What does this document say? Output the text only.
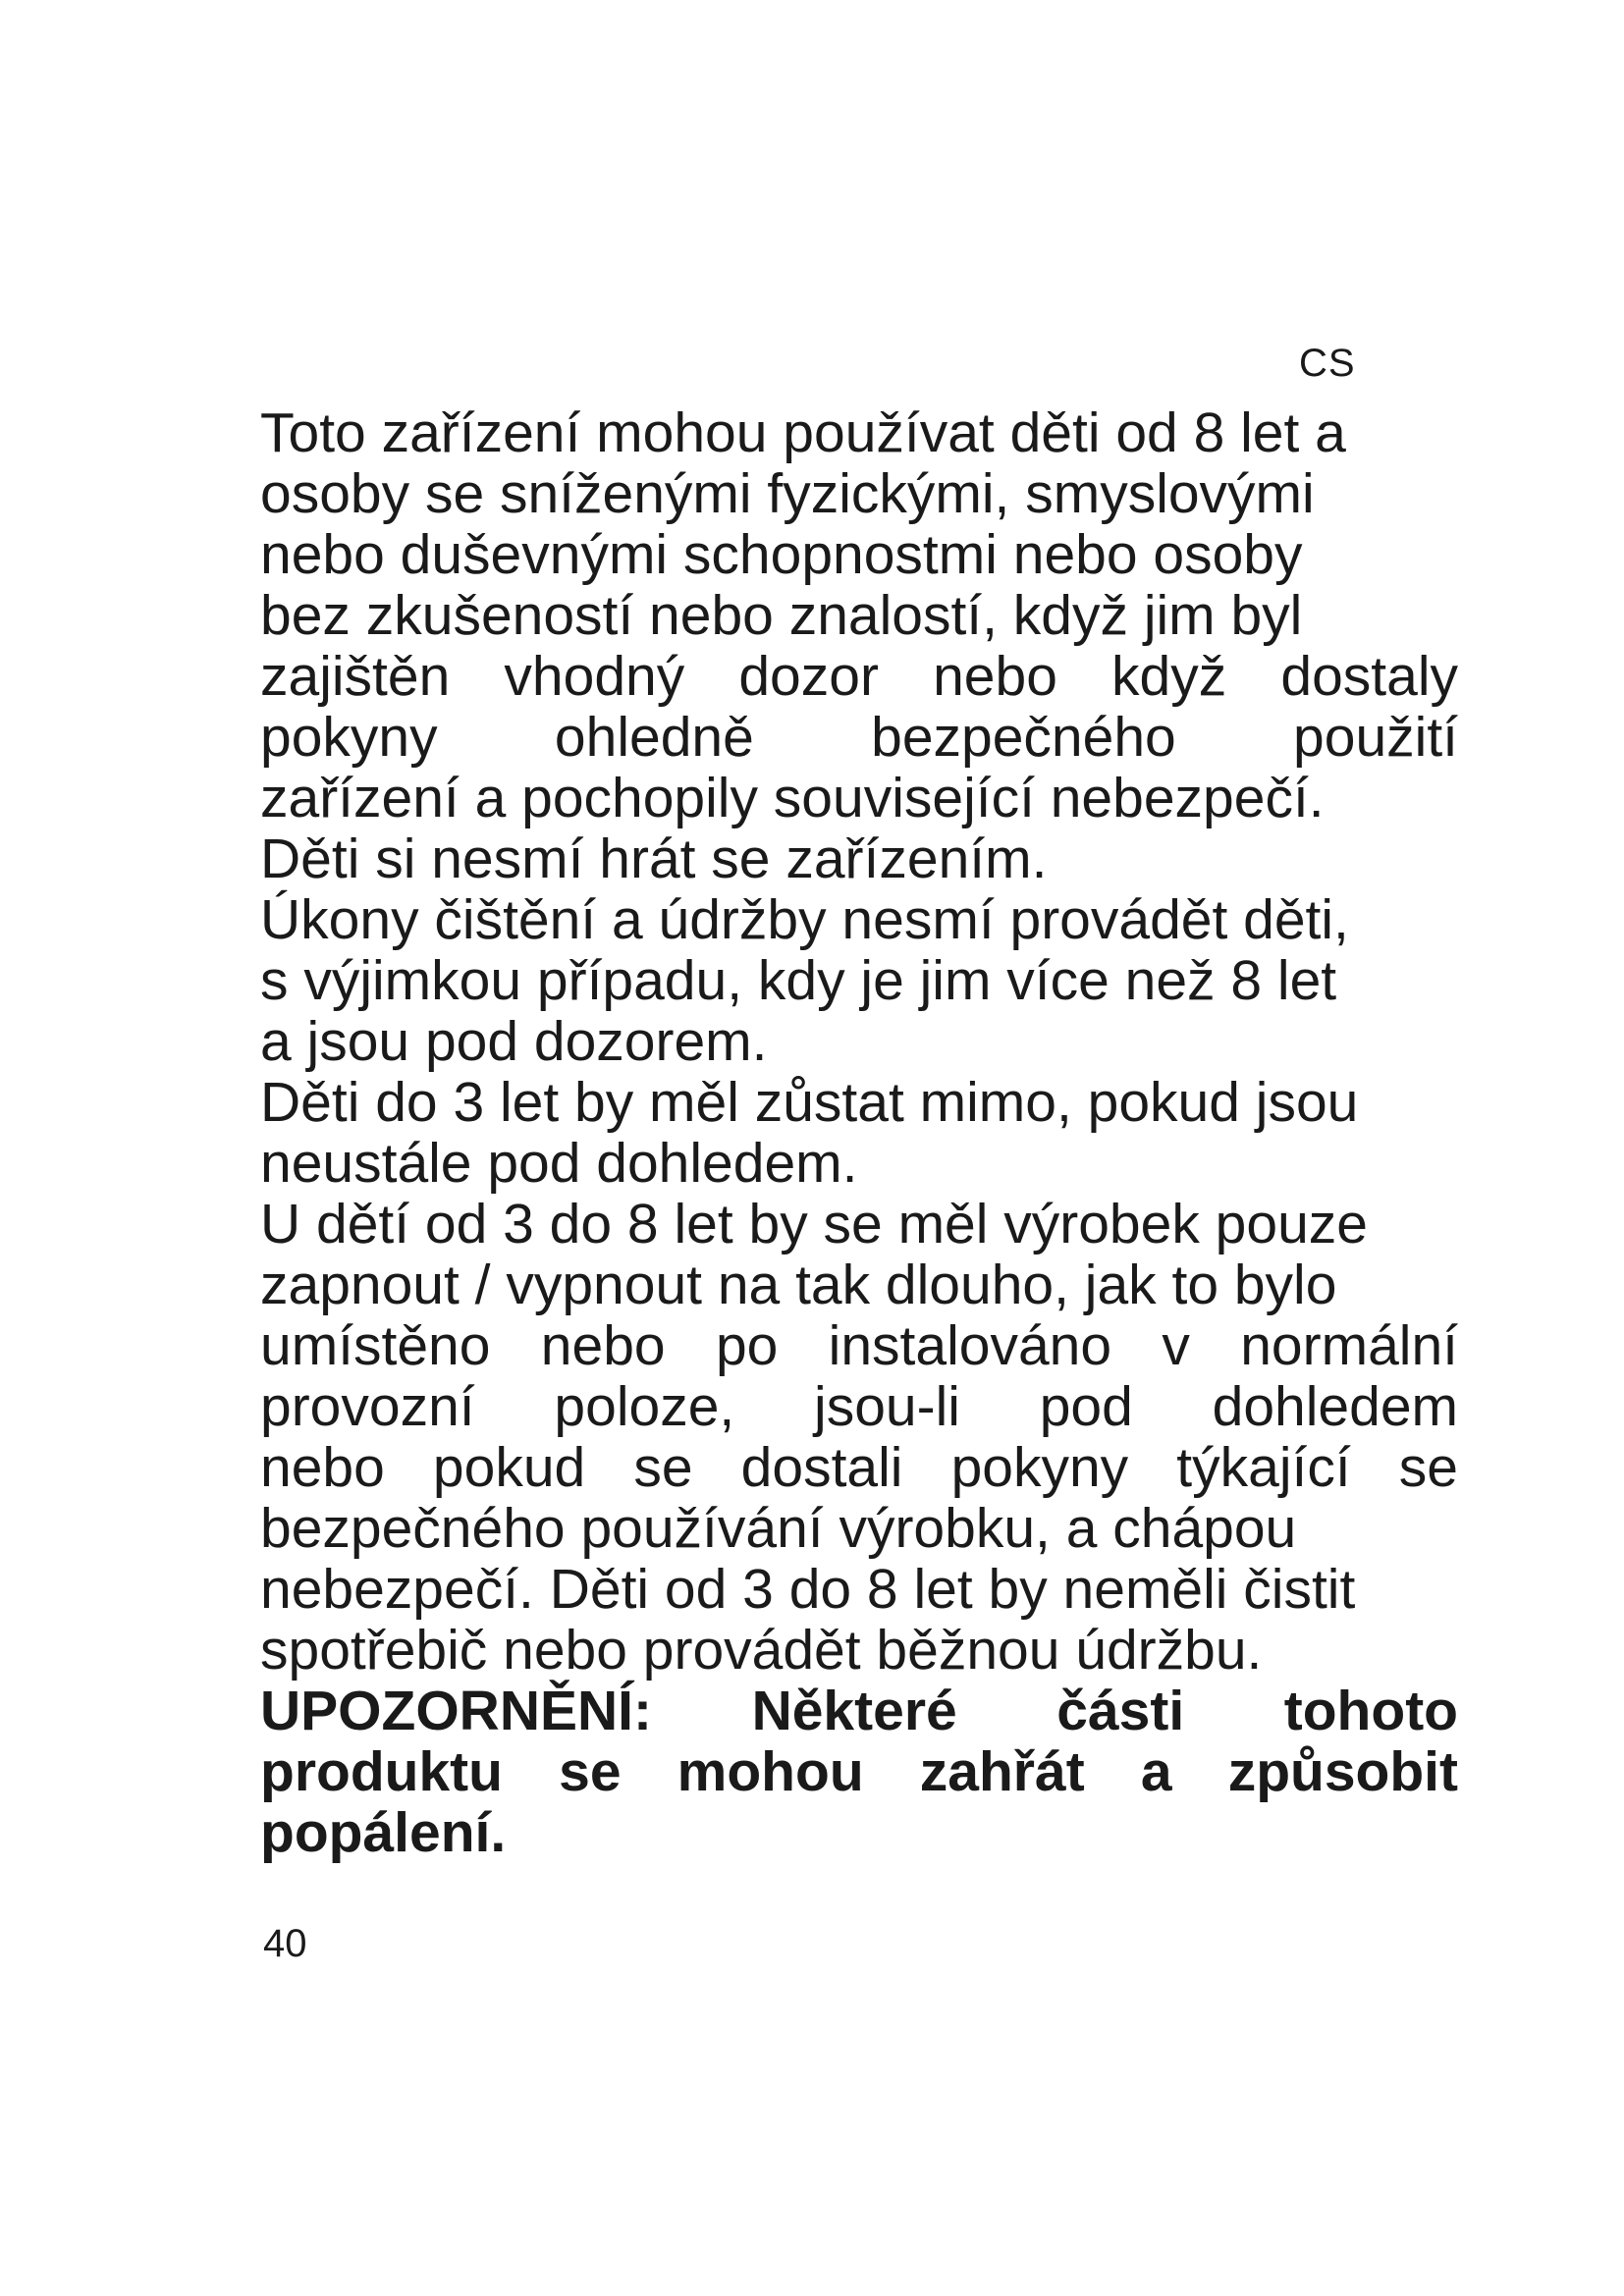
CS
Toto zařízení mohou používat děti od 8 let a
osoby se sníženými fyzickými, smyslovými
nebo duševnými schopnostmi nebo osoby
bez zkušeností nebo znalostí, když jim byl
zajištěn vhodný dozor nebo když dostaly
pokyny ohledně bezpečného použití
zařízení a pochopily související nebezpečí.
Děti si nesmí hrát se zařízením.
Úkony čištění a údržby nesmí provádět děti,
s výjimkou případu, kdy je jim více než 8 let
a jsou pod dozorem.
Děti do 3 let by měl zůstat mimo, pokud jsou
neustále pod dohledem.
U dětí od 3 do 8 let by se měl výrobek pouze
zapnout / vypnout na tak dlouho, jak to bylo
umístěno nebo po instalováno v normální
provozní poloze, jsou-li pod dohledem
nebo pokud se dostali pokyny týkající se
bezpečného používání výrobku, a chápou
nebezpečí. Děti od 3 do 8 let by neměli čistit
spotřebič nebo provádět běžnou údržbu.
UPOZORNĚNÍ: Některé části tohoto
produktu se mohou zahřát a způsobit
popálení.
40
